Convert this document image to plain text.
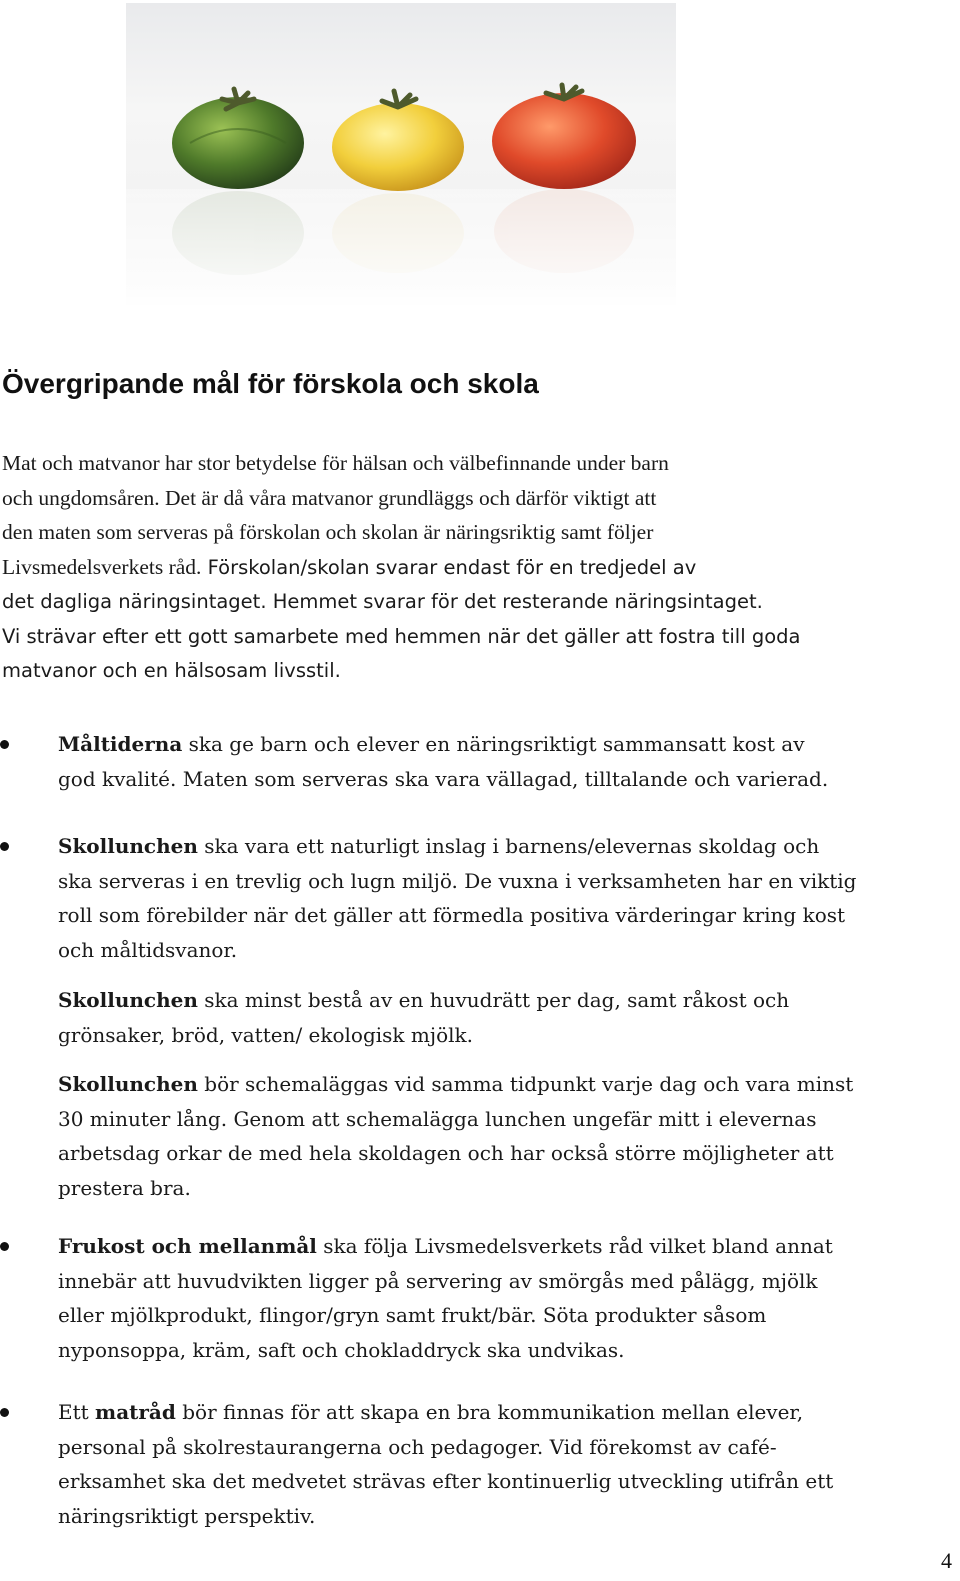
Övergripande mål för förskola och skola
Mat och matvanor har stor betydelse för hälsan och välbefinnande under barn
och ungdomsåren. Det är då våra matvanor grundläggs och därför viktigt att
den maten som serveras på förskolan och skolan är näringsriktig samt följer
Livsmedelsverkets råd. Förskolan/skolan svarar endast för en tredjedel av
det dagliga näringsintaget. Hemmet svarar för det resterande näringsintaget.
Vi strävar efter ett gott samarbete med hemmen när det gäller att fostra till goda
matvanor och en hälsosam livsstil.
Måltiderna ska ge barn och elever en näringsriktigt sammansatt kost av
god kvalité. Maten som serveras ska vara vällagad, tilltalande och varierad.
Skollunchen ska vara ett naturligt inslag i barnens/elevernas skoldag och
ska serveras i en trevlig och lugn miljö. De vuxna i verksamheten har en viktig
roll som förebilder när det gäller att förmedla positiva värderingar kring kost
och måltidsvanor.
Skollunchen ska minst bestå av en huvudrätt per dag, samt råkost och
grönsaker, bröd, vatten/ ekologisk mjölk.
Skollunchen bör schemaläggas vid samma tidpunkt varje dag och vara minst
30 minuter lång. Genom att schemalägga lunchen ungefär mitt i elevernas
arbetsdag orkar de med hela skoldagen och har också större möjligheter att
prestera bra.
Frukost och mellanmål ska följa Livsmedelsverkets råd vilket bland annat
innebär att huvudvikten ligger på servering av smörgås med pålägg, mjölk
eller mjölkprodukt, flingor/gryn samt frukt/bär. Söta produkter såsom
nyponsoppa, kräm, saft och chokladdryck ska undvikas.
Ett matråd bör finnas för att skapa en bra kommunikation mellan elever,
personal på skolrestaurangerna och pedagoger. Vid förekomst av café-
erksamhet ska det medvetet strävas efter kontinuerlig utveckling utifrån ett
näringsriktigt perspektiv.
4
